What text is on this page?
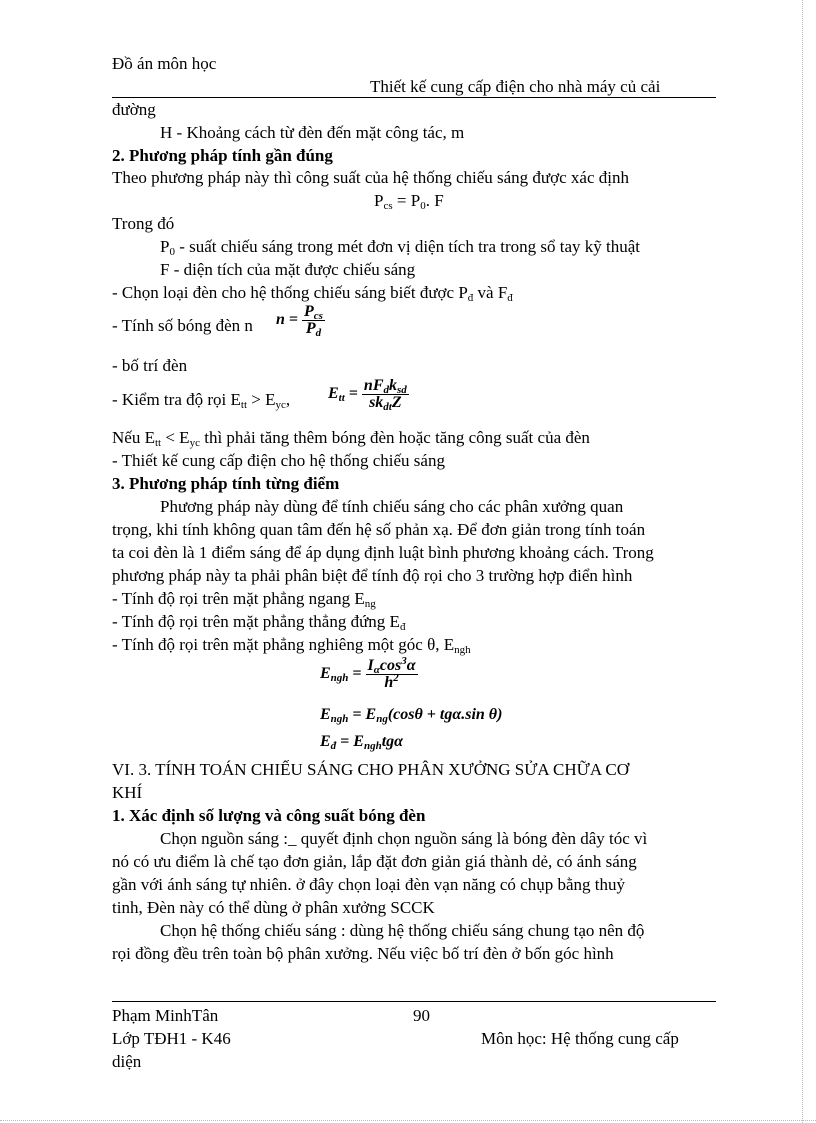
Đồ án môn học
Thiết kế cung cấp điện cho nhà máy củ cải
đường
H - Khoảng cách từ đèn đến mặt công tác, m
2. Phương pháp tính gần đúng
Theo phương pháp này thì công suất của hệ thống chiếu sáng được xác định
$P_{cs} = P_0$. F
Trong đó
$P_0$ - suất chiếu sáng trong mét đơn vị diện tích tra trong sổ tay kỹ thuật
F - diện tích của mặt được chiếu sáng
- Chọn loại đèn cho hệ thống chiếu sáng biết được $P_đ$ và $F_đ$
- Tính số bóng đèn n $n = \frac{P_{cs}}{P_d}$
- bố trí đèn
- Kiểm tra độ rọi $E_{tt} > E_{yc}$, $E_{tt} = \frac{nF_dk_{sd}}{sk_{dt}Z}$
Nếu $E_{tt} < E_{yc}$ thì phải tăng thêm bóng đèn hoặc tăng công suất của đèn
- Thiết kế cung cấp điện cho hệ thống chiếu sáng
3. Phương pháp tính từng điểm
Phương pháp này dùng để tính chiếu sáng cho các phân xưởng quan
trọng, khi tính không quan tâm đến hệ số phản xạ. Để đơn giản trong tính toán
ta coi đèn là 1 điểm sáng để áp dụng định luật bình phương khoảng cách. Trong
phương pháp này ta phải phân biệt để tính độ rọi cho 3 trường hợp điển hình
- Tính độ rọi trên mặt phẳng ngang $E_{ng}$
- Tính độ rọi trên mặt phẳng thẳng đứng $E_đ$
- Tính độ rọi trên mặt phẳng nghiêng một góc θ, $E_{ngh}$
$E_{ngh} = \frac{I_\alpha\cos^3\alpha}{h^2}$
$E_{ngh} = E_{ng}(\cos\theta + tg\alpha.\sin$ θ)
$E_đ = E_{ngh}tg\alpha$
VI. 3. TÍNH TOÁN CHIẾU SÁNG CHO PHÂN XƯỞNG SỬA CHỮA CƠ
KHÍ
1. Xác định số lượng và công suất bóng đèn
Chọn nguồn sáng :_ quyết định chọn nguồn sáng là bóng đèn dây tóc vì
nó có ưu điểm là chế tạo đơn giản, lắp đặt đơn giản giá thành dẻ, có ánh sáng
gần với ánh sáng tự nhiên. ở đây chọn loại đèn vạn năng có chụp bằng thuỷ
tinh, Đèn này có thể dùng ở phân xưởng SCCK
Chọn hệ thống chiếu sáng : dùng hệ thống chiếu sáng chung tạo nên độ
rọi đồng đều trên toàn bộ phân xưởng. Nếu việc bố trí đèn ở bốn góc hình
Phạm MinhTân	90
Lớp TĐH1 - K46	Môn học: Hệ thống cung cấp
diện
